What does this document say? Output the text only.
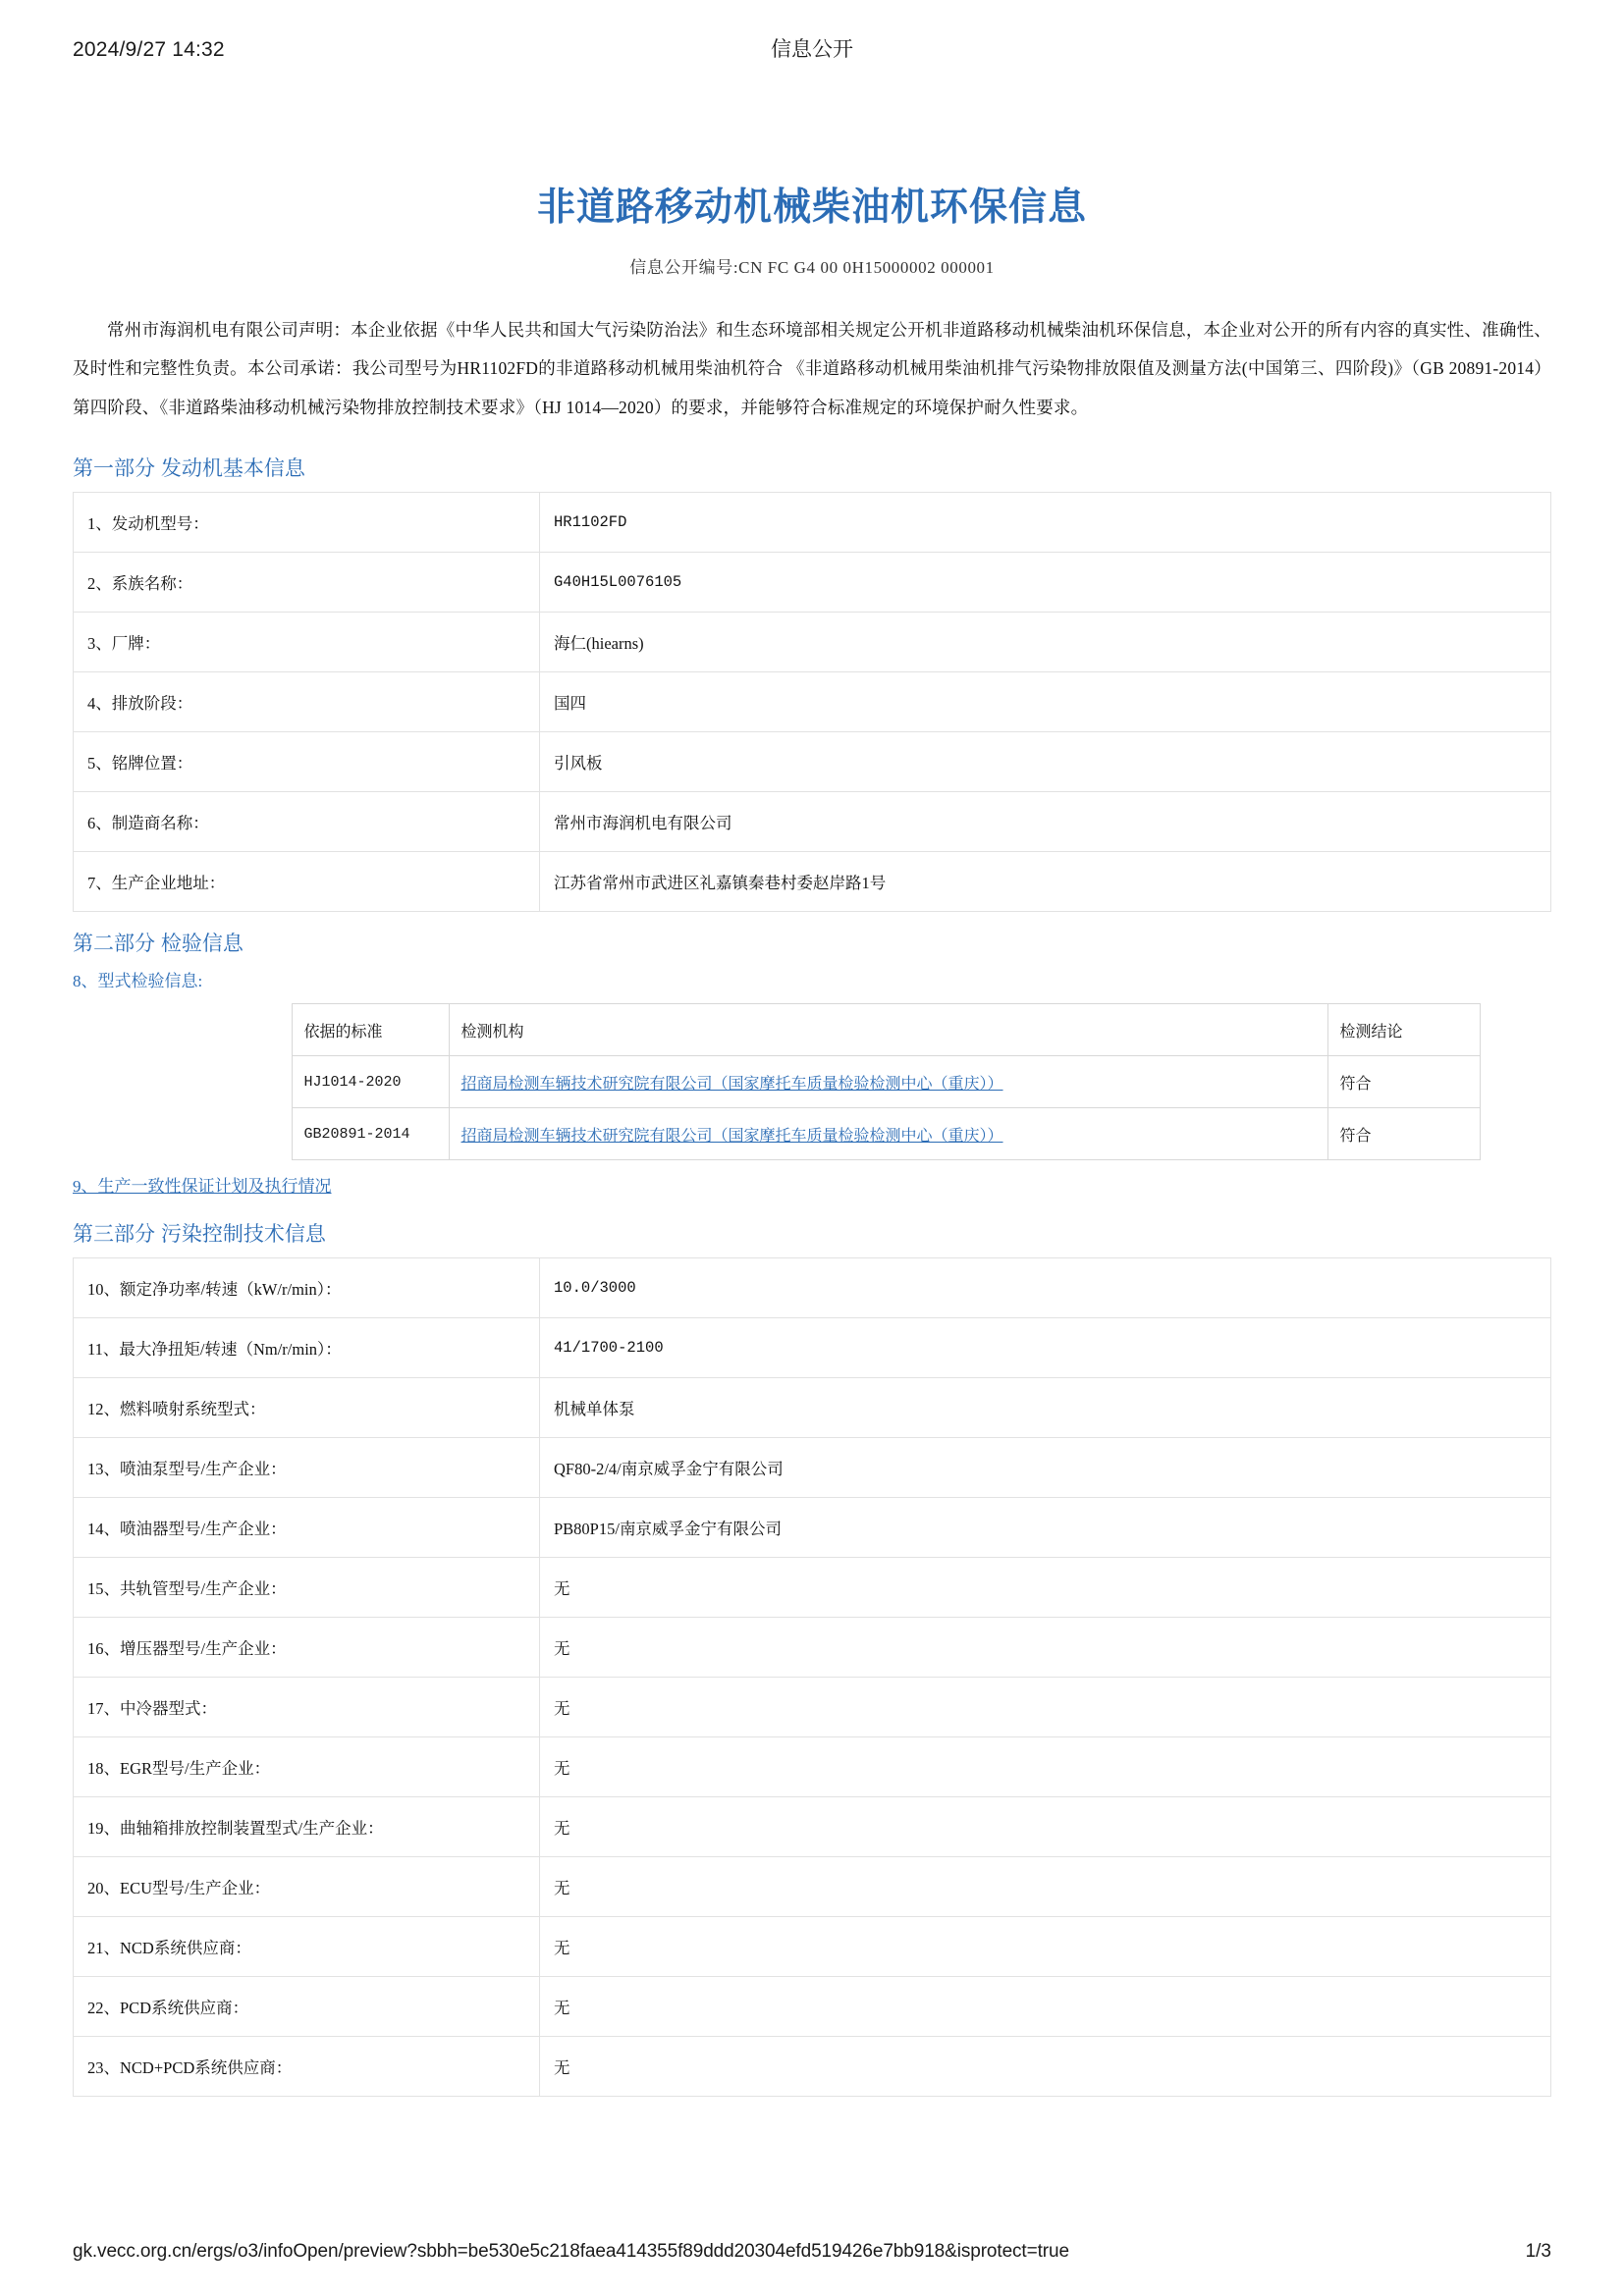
2024/9/27 14:32	信息公开
非道路移动机械柴油机环保信息
信息公开编号:CN FC G4 00 0H15000002 000001

常州市海润机电有限公司声明：本企业依据《中华人民共和国大气污染防治法》和生态环境部相关规定公开机非道路移动机械柴油机环保信息，本企业对公开的所有内容的真实性、准确性、及时性和完整性负责。本公司承诺：我公司型号为HR1102FD的非道路移动机械用柴油机符合 《非道路移动机械用柴油机排气污染物排放限值及测量方法(中国第三、四阶段)》（GB 20891-2014）第四阶段、《非道路柴油移动机械污染物排放控制技术要求》（HJ 1014—2020）的要求，并能够符合标准规定的环境保护耐久性要求。

第一部分 发动机基本信息
1、发动机型号：	HR1102FD
2、系族名称：	G40H15L0076105
3、厂牌：	海仁(hiearns)
4、排放阶段：	国四
5、铭牌位置：	引风板
6、制造商名称：	常州市海润机电有限公司
7、生产企业地址：	江苏省常州市武进区礼嘉镇秦巷村委赵岸路1号
第二部分 检验信息
8、型式检验信息:
依据的标准	检测机构	检测结论
HJ1014-2020	招商局检测车辆技术研究院有限公司（国家摩托车质量检验检测中心（重庆））	符合
GB20891-2014	招商局检测车辆技术研究院有限公司（国家摩托车质量检验检测中心（重庆））	符合
9、生产一致性保证计划及执行情况
第三部分 污染控制技术信息
10、额定净功率/转速（kW/r/min）：	10.0/3000
11、最大净扭矩/转速（Nm/r/min）：	41/1700-2100
12、燃料喷射系统型式：	机械单体泵
13、喷油泵型号/生产企业：	QF80-2/4/南京威孚金宁有限公司
14、喷油器型号/生产企业：	PB80P15/南京威孚金宁有限公司
15、共轨管型号/生产企业：	无
16、增压器型号/生产企业：	无
17、中冷器型式：	无
18、EGR型号/生产企业：	无
19、曲轴箱排放控制装置型式/生产企业：	无
20、ECU型号/生产企业：	无
21、NCD系统供应商：	无
22、PCD系统供应商：	无
23、NCD+PCD系统供应商：	无
gk.vecc.org.cn/ergs/o3/infoOpen/preview?sbbh=be530e5c218faea414355f89ddd20304efd519426e7bb918&isprotect=true	1/3
